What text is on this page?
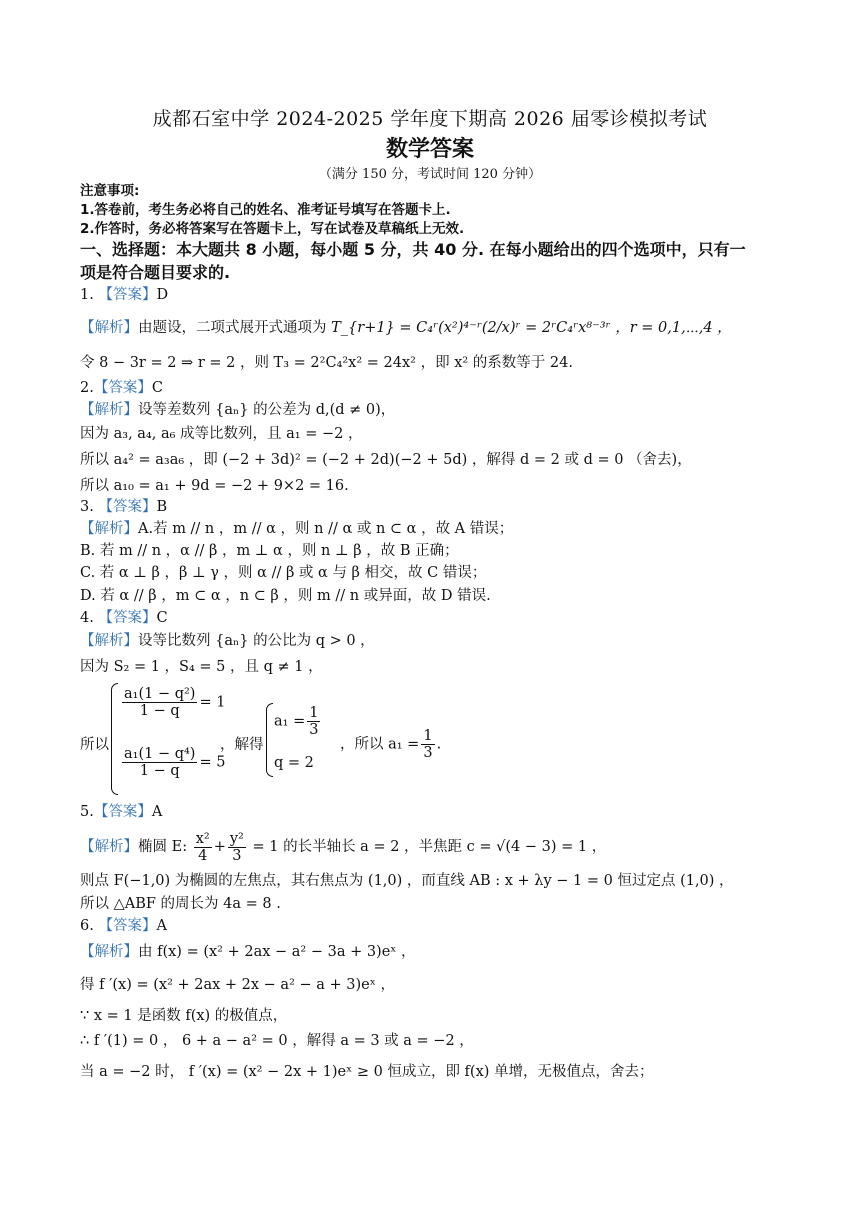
成都石室中学 2024-2025 学年度下期高 2026 届零诊模拟考试
数学答案
（满分 150 分，考试时间 120 分钟）
注意事项:
1.答卷前，考生务必将自己的姓名、准考证号填写在答题卡上.
2.作答时，务必将答案写在答题卡上，写在试卷及草稿纸上无效.
一、选择题：本大题共 8 小题，每小题 5 分，共 40 分. 在每小题给出的四个选项中，只有一
项是符合题目要求的.
1. 【答案】D
【解析】由题设，二项式展开式通项为 T_{r+1} = C₄ʳ(x²)⁴⁻ʳ(2/x)ʳ = 2ʳC₄ʳx⁸⁻³ʳ ，r = 0,1,⋯,4 ，
令 8 − 3r = 2 ⇒ r = 2 ，则 T₃ = 2²C₄²x² = 24x² ，即 x² 的系数等于 24.
2.【答案】C
【解析】设等差数列 {aₙ} 的公差为 d,(d ≠ 0)，
因为 a₃, a₄, a₆ 成等比数列，且 a₁ = −2 ，
所以 a₄² = a₃a₆ ，即 (−2 + 3d)² = (−2 + 2d)(−2 + 5d) ，解得 d = 2 或 d = 0 （舍去)，
所以 a₁₀ = a₁ + 9d = −2 + 9×2 = 16.
3. 【答案】B
【解析】A.若 m // n ，m // α ，则 n // α 或 n ⊂ α ，故 A 错误；
B. 若 m // n ，α // β ，m ⊥ α ，则 n ⊥ β ，故 B 正确；
C. 若 α ⊥ β ，β ⊥ γ ，则 α // β 或 α 与 β 相交，故 C 错误；
D. 若 α // β ，m ⊂ α ，n ⊂ β ，则 m // n 或异面，故 D 错误.
4. 【答案】C
【解析】设等比数列 {aₙ} 的公比为 q > 0 ，
因为 S₂ = 1 ，S₄ = 5 ，且 q ≠ 1 ，
所以
$\frac{\text{a₁(1 − q²)}}{1 - q} = 1$
$\frac{\text{a₁(1 − q⁴)}}{1 - q} = 5$
，解得
$a_1 = \frac{1}{3}$
q = 2
，所以 $a_1 = \frac{1}{3}$ .
5.【答案】A
【解析】椭圆 E: $\frac{\text{x²}}{4} + \frac{\text{y²}}{3} = 1$ 的长半轴长 a = 2 ，半焦距 c = √(4 − 3) = 1 ，
则点 F(−1,0) 为椭圆的左焦点，其右焦点为 (1,0) ，而直线 AB : x + λy − 1 = 0 恒过定点 (1,0) ，
所以 △ABF 的周长为 4a = 8 .
6. 【答案】A
【解析】由 f(x) = (x² + 2ax − a² − 3a + 3)eˣ ，
得 f ′(x) = (x² + 2ax + 2x − a² − a + 3)eˣ ，
∵ x = 1 是函数 f(x) 的极值点，
∴ f ′(1) = 0 ， 6 + a − a² = 0 ，解得 a = 3 或 a = −2 ，
当 a = −2 时， f ′(x) = (x² − 2x + 1)eˣ ≥ 0 恒成立，即 f(x) 单增，无极值点，舍去；
